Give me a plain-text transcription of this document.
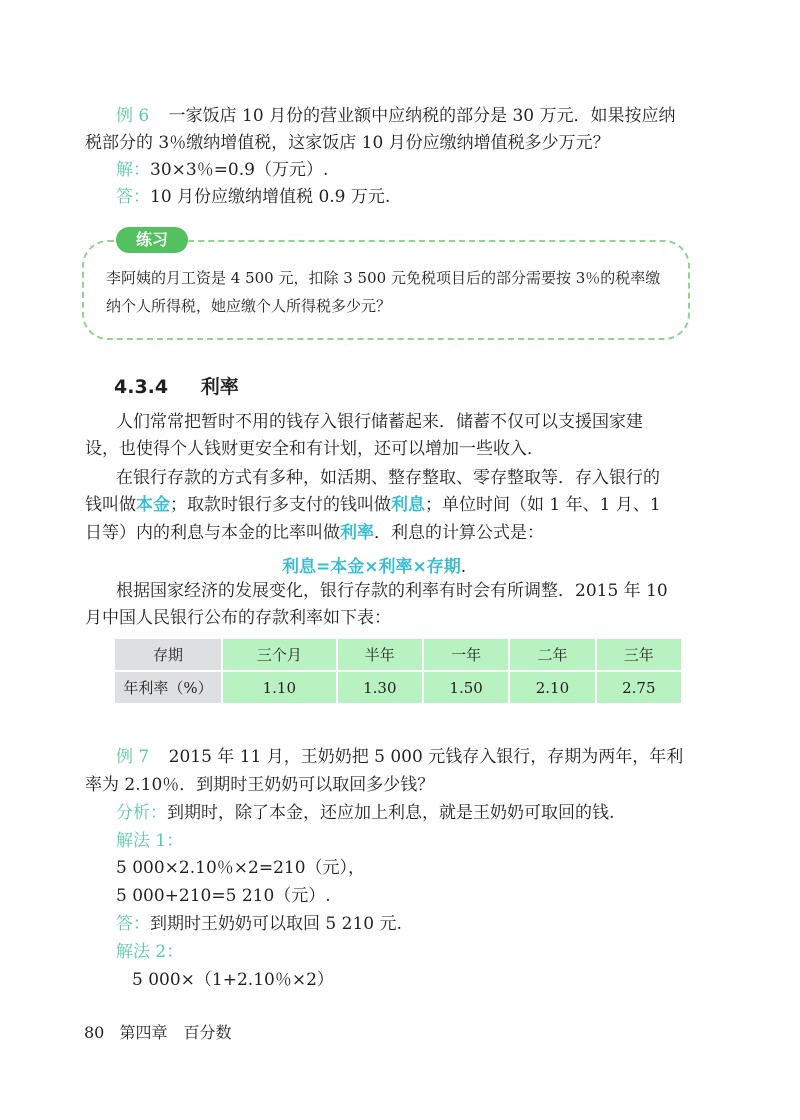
例 6 一家饭店 10 月份的营业额中应纳税的部分是 30 万元．如果按应纳
税部分的 3％缴纳增值税，这家饭店 10 月份应缴纳增值税多少万元？
解：30×3％=0.9（万元）.
答：10 月份应缴纳增值税 0.9 万元.
练习
李阿姨的月工资是 4 500 元，扣除 3 500 元免税项目后的部分需要按 3％的税率缴
纳个人所得税，她应缴个人所得税多少元？
4.3.4 利率
人们常常把暂时不用的钱存入银行储蓄起来．储蓄不仅可以支援国家建
设，也使得个人钱财更安全和有计划，还可以增加一些收入．
在银行存款的方式有多种，如活期、整存整取、零存整取等．存入银行的
钱叫做本金；取款时银行多支付的钱叫做利息；单位时间（如 1 年、1 月、1
日等）内的利息与本金的比率叫做利率．利息的计算公式是：
利息=本金×利率×存期.
根据国家经济的发展变化，银行存款的利率有时会有所调整．2015 年 10
月中国人民银行公布的存款利率如下表：
存期	三个月	半年	一年	二年	三年
年利率（%）	1.10	1.30	1.50	2.10	2.75
例 7 2015 年 11 月，王奶奶把 5 000 元钱存入银行，存期为两年，年利
率为 2.10％．到期时王奶奶可以取回多少钱？
分析：到期时，除了本金，还应加上利息，就是王奶奶可取回的钱.
解法 1：
5 000×2.10％×2=210（元），
5 000+210=5 210（元）.
答：到期时王奶奶可以取回 5 210 元.
解法 2：
5 000×（1+2.10％×2）
80 第四章　百分数
